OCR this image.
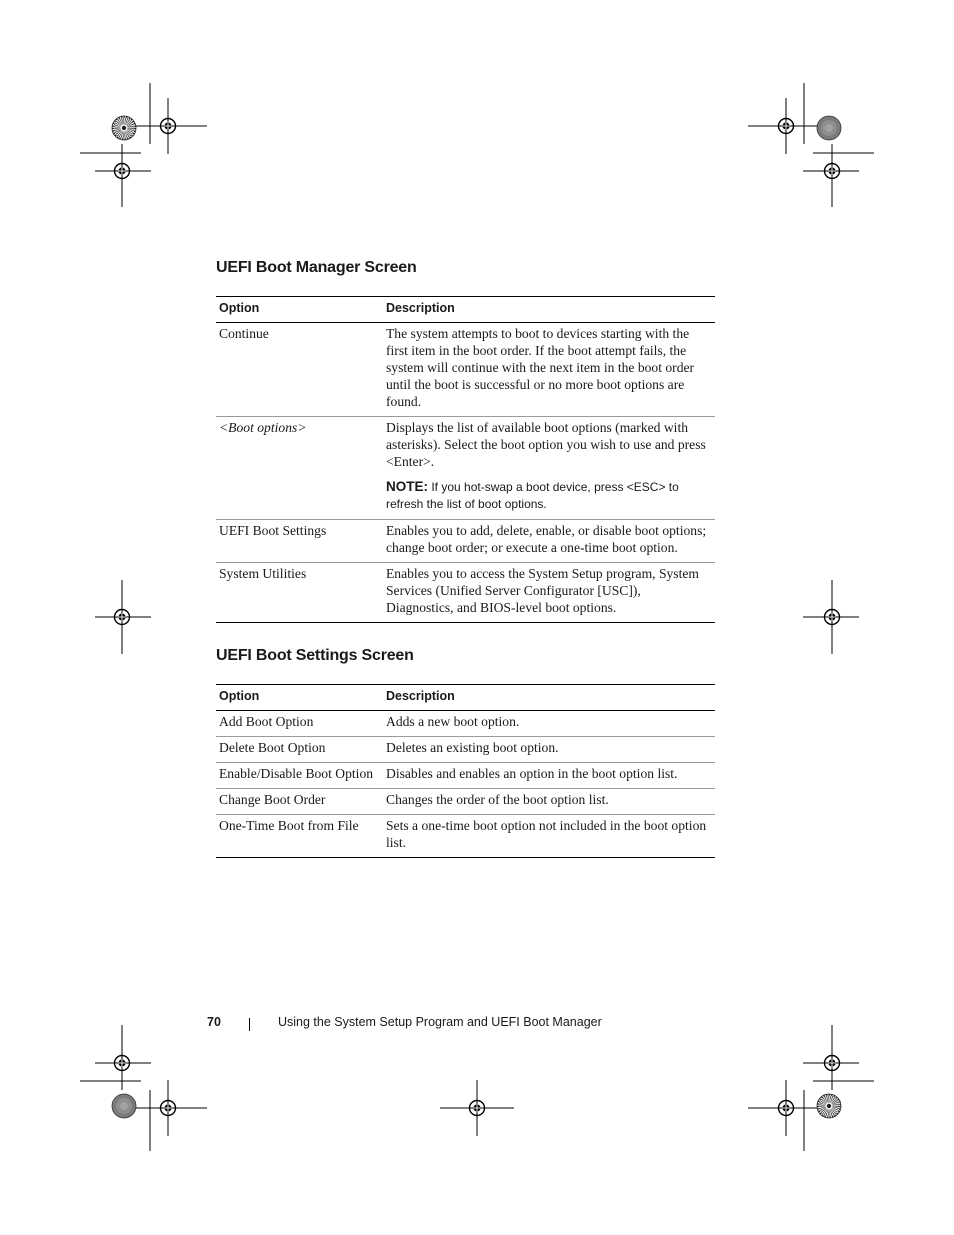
UEFI Boot Manager Screen
Option	Description
Continue	The system attempts to boot to devices starting with the first item in the boot order. If the boot attempt fails, the system will continue with the next item in the boot order until the boot is successful or no more boot options are found.
<Boot options>	Displays the list of available boot options (marked with asterisks). Select the boot option you wish to use and press <Enter>.
NOTE: If you hot-swap a boot device, press <ESC> to refresh the list of boot options.

UEFI Boot Settings	Enables you to add, delete, enable, or disable boot options; change boot order; or execute a one-time boot option.
System Utilities	Enables you to access the System Setup program, System Services (Unified Server Configurator [USC]), Diagnostics, and BIOS-level boot options.
UEFI Boot Settings Screen
Option	Description
Add Boot Option	Adds a new boot option.
Delete Boot Option	Deletes an existing boot option.
Enable/Disable Boot Option	Disables and enables an option in the boot option list.
Change Boot Order	Changes the order of the boot option list.
One-Time Boot from File	Sets a one-time boot option not included in the boot option list.
70	Using the System Setup Program and UEFI Boot Manager
